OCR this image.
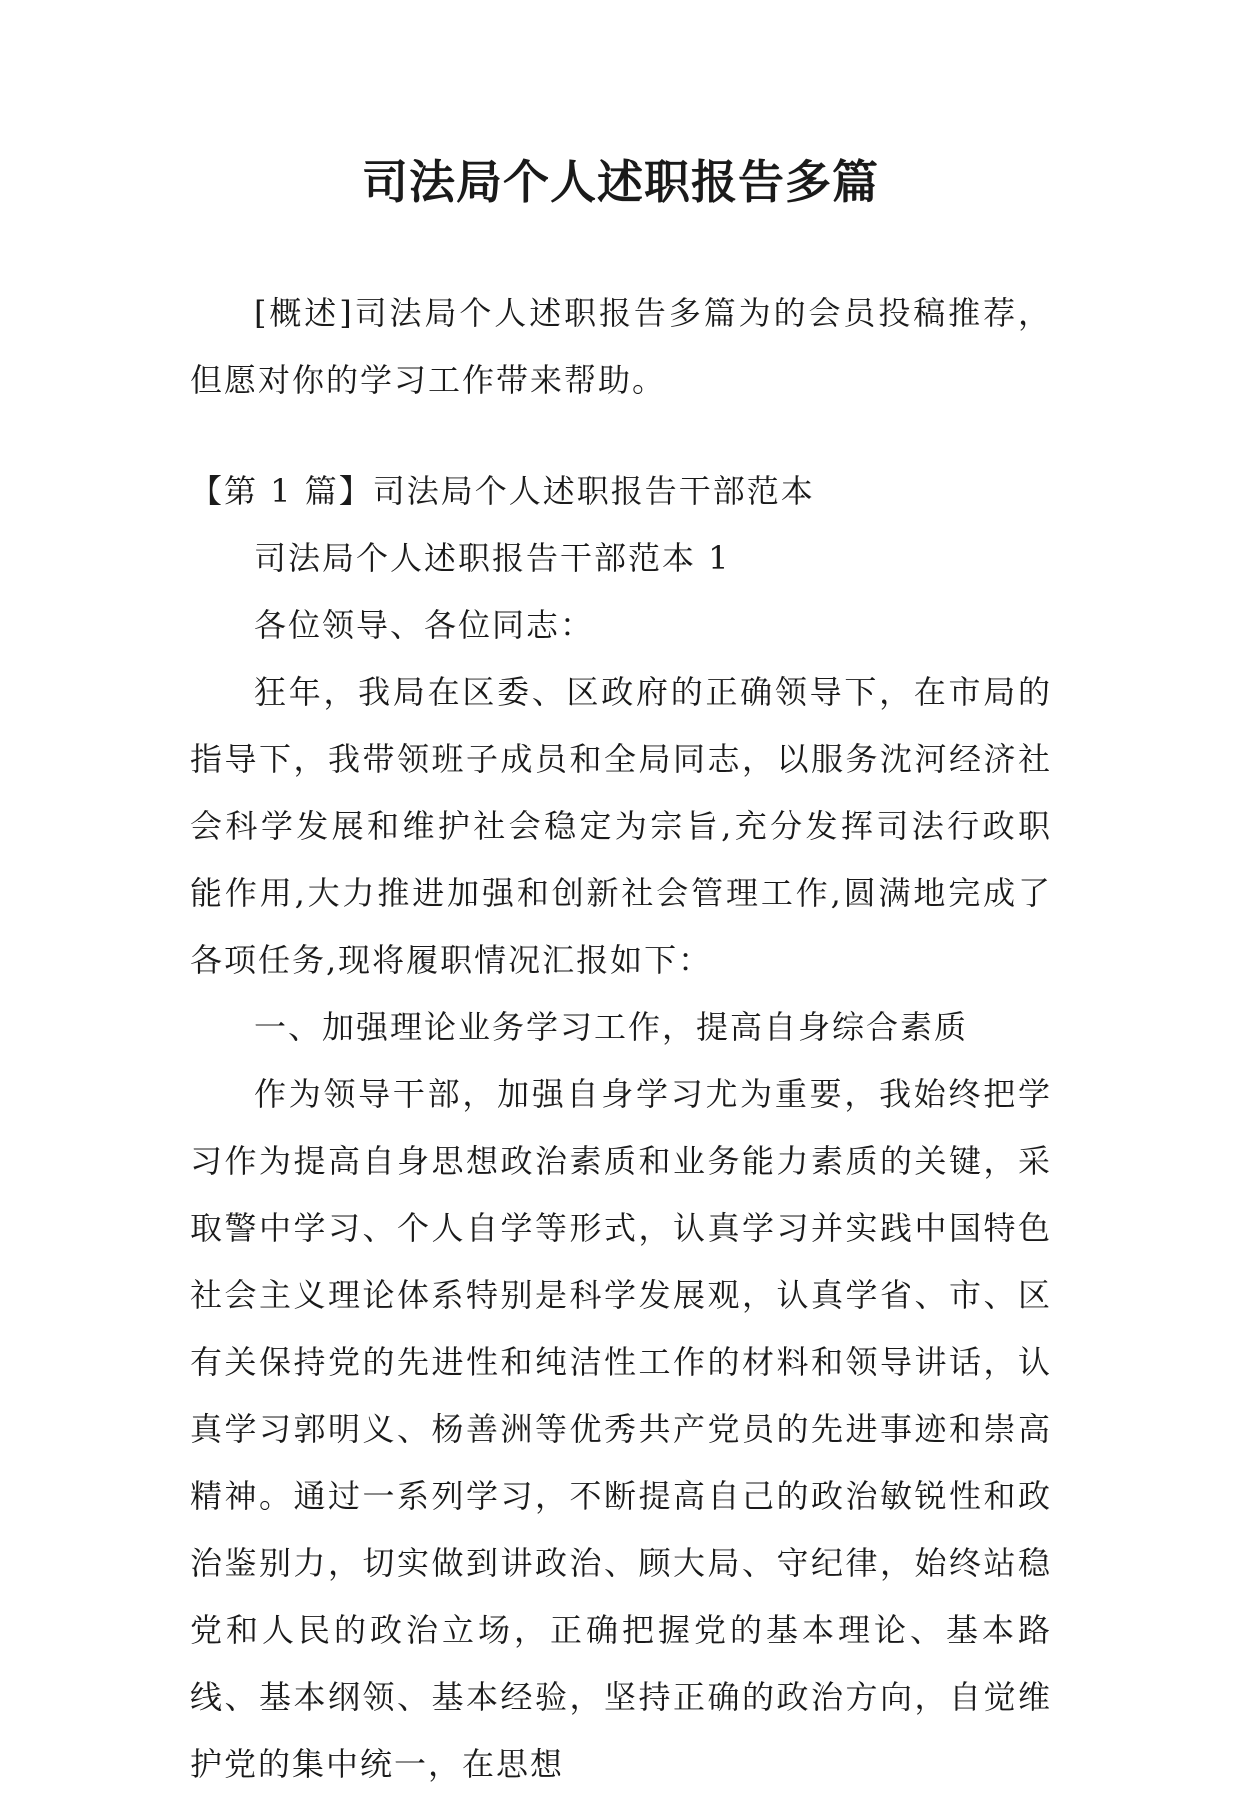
司法局个人述职报告多篇

[概述]司法局个人述职报告多篇为的会员投稿推荐，但愿对你的学习工作带来帮助。

【第 1 篇】司法局个人述职报告干部范本

司法局个人述职报告干部范本 1

各位领导、各位同志：

狂年，我局在区委、区政府的正确领导下，在市局的指导下，我带领班子成员和全局同志，以服务沈河经济社会科学发展和维护社会稳定为宗旨,充分发挥司法行政职能作用,大力推进加强和创新社会管理工作,圆满地完成了各项任务,现将履职情况汇报如下：

一、加强理论业务学习工作，提高自身综合素质

作为领导干部，加强自身学习尤为重要，我始终把学习作为提高自身思想政治素质和业务能力素质的关键，采取警中学习、个人自学等形式，认真学习并实践中国特色社会主义理论体系特别是科学发展观，认真学省、市、区有关保持党的先进性和纯洁性工作的材料和领导讲话，认真学习郭明义、杨善洲等优秀共产党员的先进事迹和崇高精神。通过一系列学习，不断提高自己的政治敏锐性和政治鉴别力，切实做到讲政治、顾大局、守纪律，始终站稳党和人民的政治立场，正确把握党的基本理论、基本路线、基本纲领、基本经验，坚持正确的政治方向，自觉维护党的集中统一，在思想
